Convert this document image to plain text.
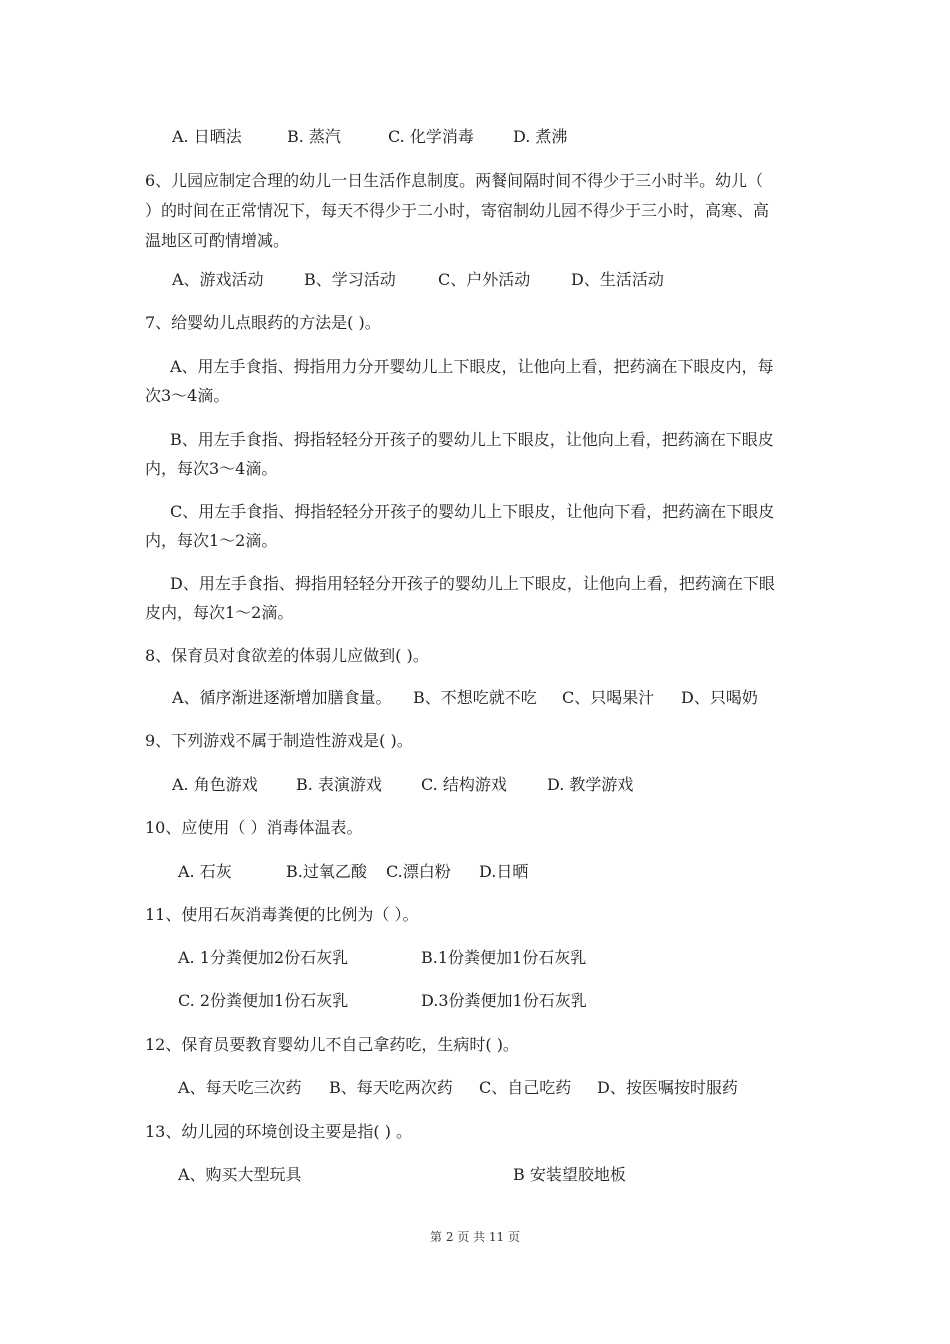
A. 日晒法	B. 蒸汽	C. 化学消毒 D. 煮沸
6、儿园应制定合理的幼儿一日生活作息制度。两餐间隔时间不得少于三小时半。幼儿（
）的时间在正常情况下，每天不得少于二小时，寄宿制幼儿园不得少于三小时，高寒、高
温地区可酌情增减。
A、游戏活动	B、学习活动	C、户外活动	D、生活活动
7、给婴幼儿点眼药的方法是( )。
A、用左手食指、拇指用力分开婴幼儿上下眼皮，让他向上看，把药滴在下眼皮内，每
次3～4滴。
B、用左手食指、拇指轻轻分开孩子的婴幼儿上下眼皮，让他向上看，把药滴在下眼皮
内，每次3～4滴。
C、用左手食指、拇指轻轻分开孩子的婴幼儿上下眼皮，让他向下看，把药滴在下眼皮
内，每次1～2滴。
D、用左手食指、拇指用轻轻分开孩子的婴幼儿上下眼皮，让他向上看，把药滴在下眼
皮内，每次1～2滴。
8、保育员对食欲差的体弱儿应做到( )。
A、循序渐进逐渐增加膳食量。 B、不想吃就不吃 C、只喝果汁 D、只喝奶
9、下列游戏不属于制造性游戏是( )。
A. 角色游戏 B. 表演游戏 C. 结构游戏	D. 教学游戏
10、应使用（ ）消毒体温表。
A. 石灰	B.过氧乙酸 C.漂白粉 D.日晒
11、使用石灰消毒粪便的比例为（ ）。
A. 1分粪便加2份石灰乳	B.1份粪便加1份石灰乳
C. 2份粪便加1份石灰乳	D.3份粪便加1份石灰乳
12、保育员要教育婴幼儿不自己拿药吃，生病时( )。
A、每天吃三次药 B、每天吃两次药 C、自己吃药 D、按医嘱按时服药
13、幼儿园的环境创设主要是指( ) 。
A、购买大型玩具	B 安装望胶地板
第 2 页 共 11 页
